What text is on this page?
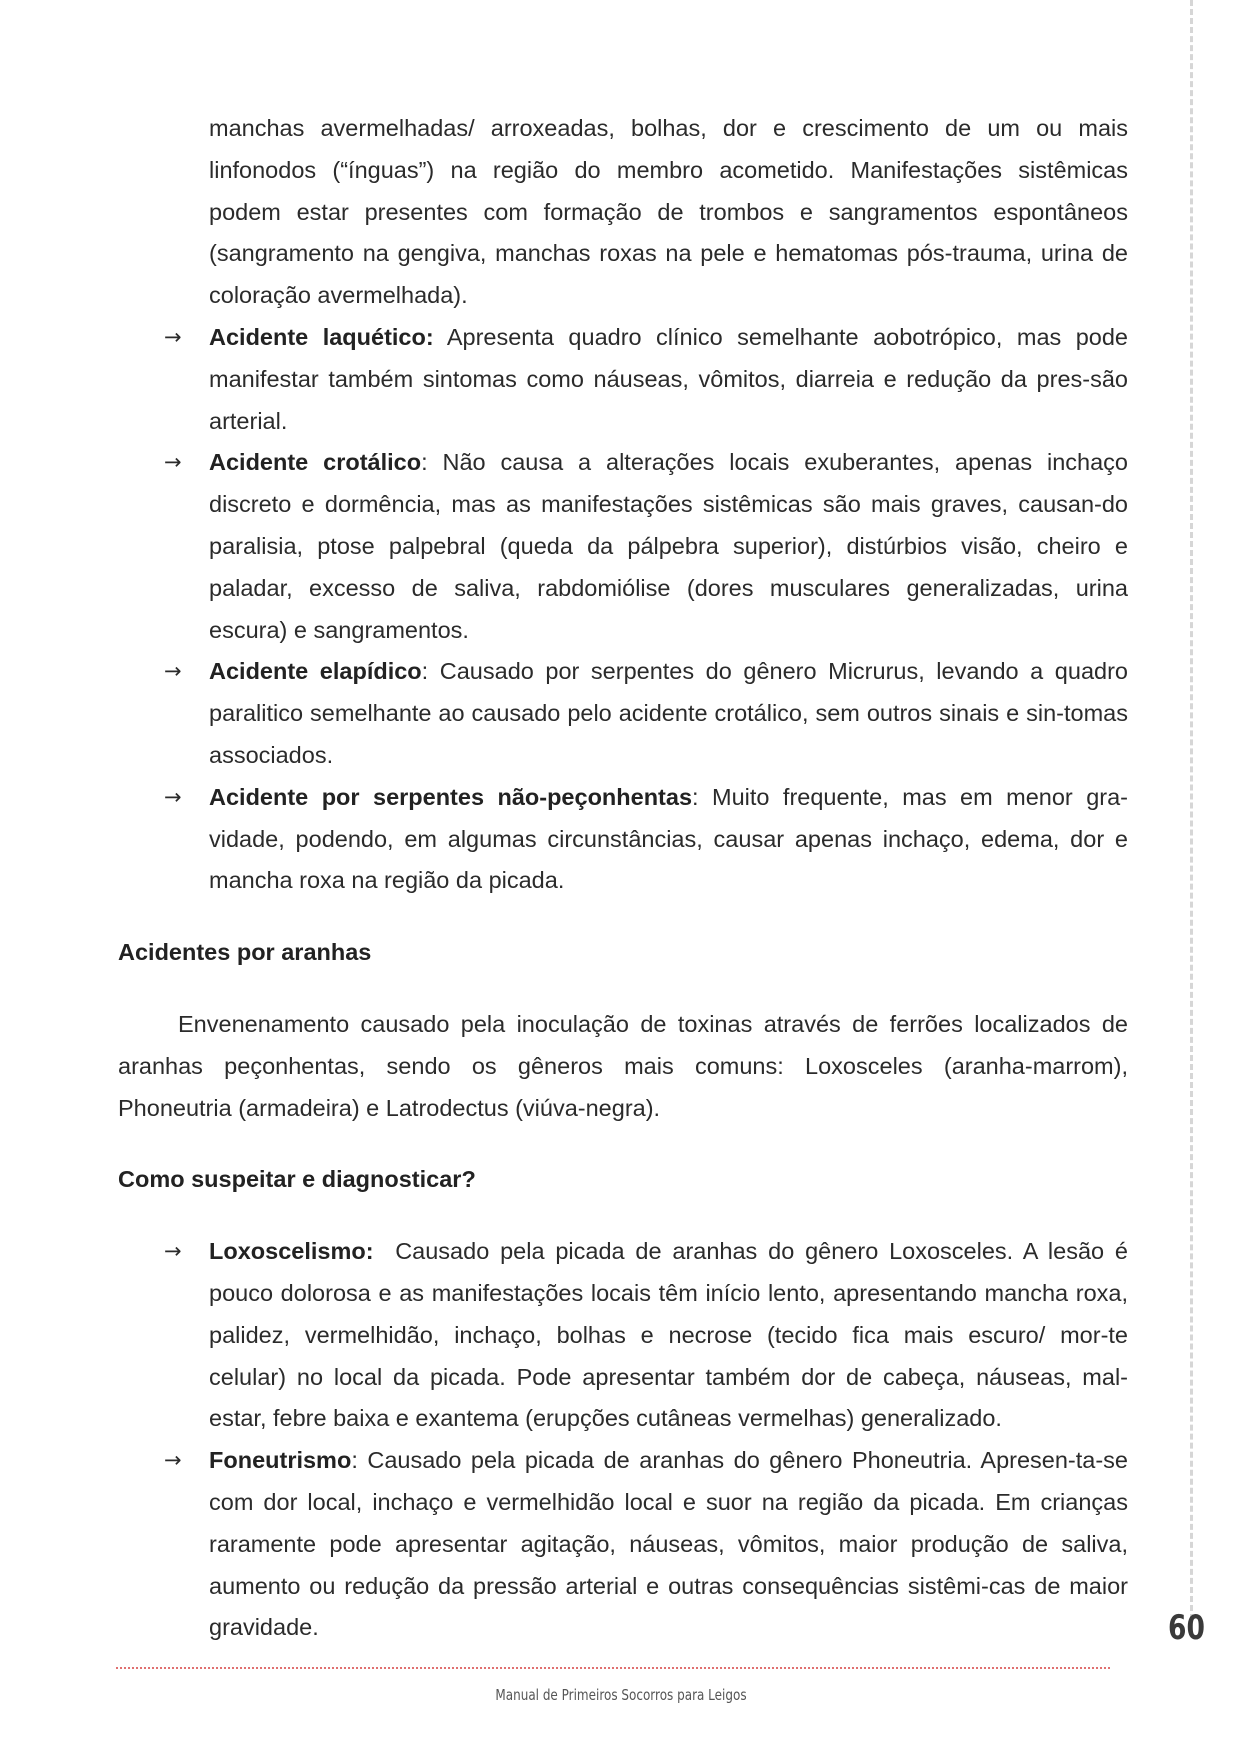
manchas avermelhadas/ arroxeadas, bolhas, dor e crescimento de um ou mais linfonodos (“ínguas”) na região do membro acometido. Manifestações sistêmicas podem estar presentes com formação de trombos e sangramentos espontâneos (sangramento na gengiva, manchas roxas na pele e hematomas pós-trauma, urina de coloração avermelhada).

→ Acidente laquético: Apresenta quadro clínico semelhante aobotrópico, mas pode manifestar também sintomas como náuseas, vômitos, diarreia e redução da pres-são arterial.

→ Acidente crotálico: Não causa a alterações locais exuberantes, apenas inchaço discreto e dormência, mas as manifestações sistêmicas são mais graves, causan-do paralisia, ptose palpebral (queda da pálpebra superior), distúrbios visão, cheiro e paladar, excesso de saliva, rabdomiólise (dores musculares generalizadas, urina escura) e sangramentos.

→ Acidente elapídico: Causado por serpentes do gênero Micrurus, levando a quadro paralitico semelhante ao causado pelo acidente crotálico, sem outros sinais e sin-tomas associados.

→ Acidente por serpentes não-peçonhentas: Muito frequente, mas em menor gra-vidade, podendo, em algumas circunstâncias, causar apenas inchaço, edema, dor e mancha roxa na região da picada.

Acidentes por aranhas

Envenenamento causado pela inoculação de toxinas através de ferrões localizados de aranhas peçonhentas, sendo os gêneros mais comuns: Loxosceles (aranha-marrom), Phoneutria (armadeira) e Latrodectus (viúva-negra).

Como suspeitar e diagnosticar?

→ Loxoscelismo:  Causado pela picada de aranhas do gênero Loxosceles. A lesão é pouco dolorosa e as manifestações locais têm início lento, apresentando mancha roxa, palidez, vermelhidão, inchaço, bolhas e necrose (tecido fica mais escuro/ mor-te celular) no local da picada. Pode apresentar também dor de cabeça, náuseas, mal-estar, febre baixa e exantema (erupções cutâneas vermelhas) generalizado.

→ Foneutrismo: Causado pela picada de aranhas do gênero Phoneutria. Apresen-ta-se com dor local, inchaço e vermelhidão local e suor na região da picada. Em crianças raramente pode apresentar agitação, náuseas, vômitos, maior produção de saliva, aumento ou redução da pressão arterial e outras consequências sistêmi-cas de maior gravidade.	60
Manual de Primeiros Socorros para Leigos
